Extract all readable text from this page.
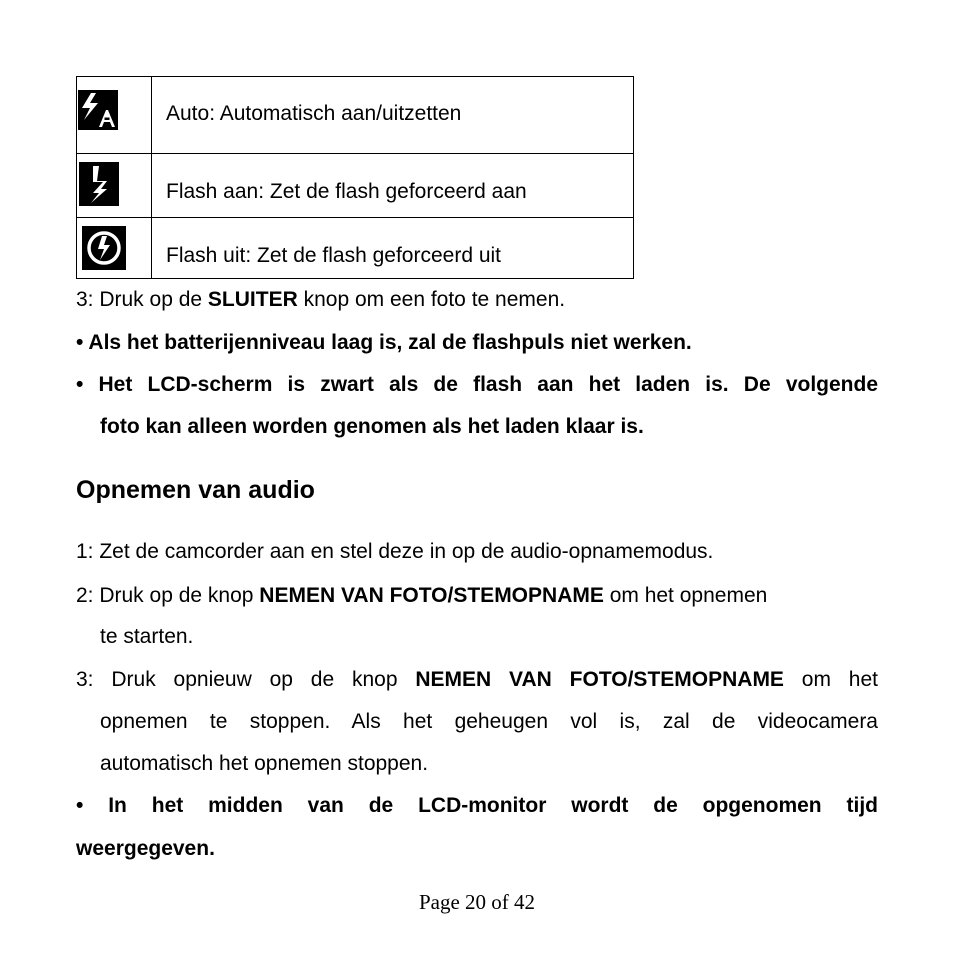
Auto: Automatisch aan/uitzetten

Flash aan: Zet de flash geforceerd aan

Flash uit: Zet de flash geforceerd uit
3: Druk op de SLUITER knop om een foto te nemen.
• Als het batterijenniveau laag is, zal de flashpuls niet werken.
• Het LCD-scherm is zwart als de flash aan het laden is. De volgende
foto kan alleen worden genomen als het laden klaar is.
Opnemen van audio
1: Zet de camcorder aan en stel deze in op de audio-opnamemodus.
2: Druk op de knop NEMEN VAN FOTO/STEMOPNAME om het opnemen
te starten.
3: Druk opnieuw op de knop NEMEN VAN FOTO/STEMOPNAME om het
opnemen te stoppen. Als het geheugen vol is, zal de videocamera
automatisch het opnemen stoppen.
• In het midden van de LCD-monitor wordt de opgenomen tijd
weergegeven.
Page 20 of 42
